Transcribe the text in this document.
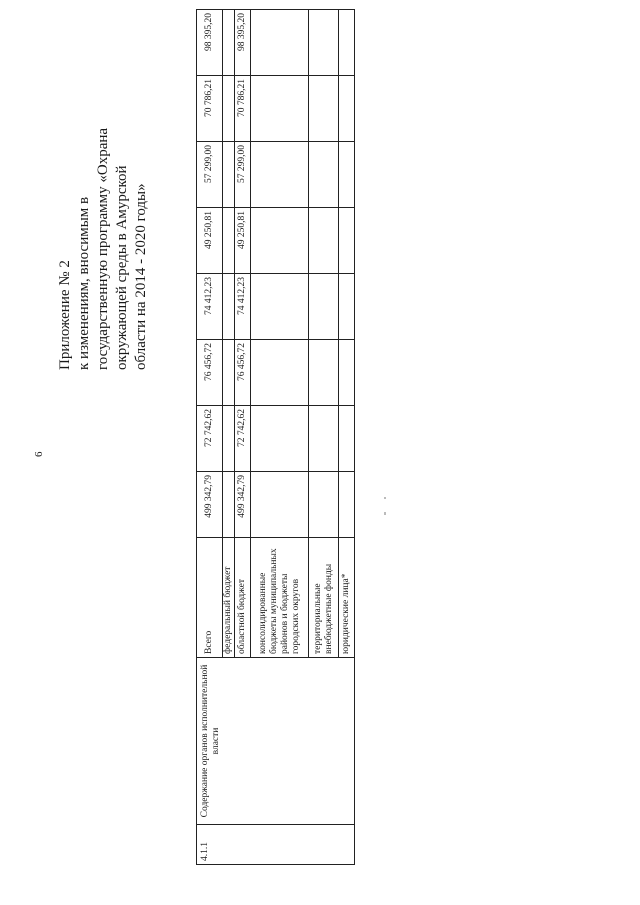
6
Приложение № 2 к изменениям, вносимым в государственную программу «Охрана окружающей среды в Амурской области на 2014 - 2020 годы»
4.1.1	Содержание органов исполнительной власти	Всего	499 342,79	72 742,62	76 456,72	74 412,23	49 250,81	57 299,00	70 786,21	98 395,20
		федеральный бюджет								
		областной бюджет	499 342,79	72 742,62	76 456,72	74 412,23	49 250,81	57 299,00	70 786,21	98 395,20
		консолидированные бюджеты муниципальных районов и бюджеты городских округов								
		территориальные внебюджетные фонды								
		юридические лица*								
